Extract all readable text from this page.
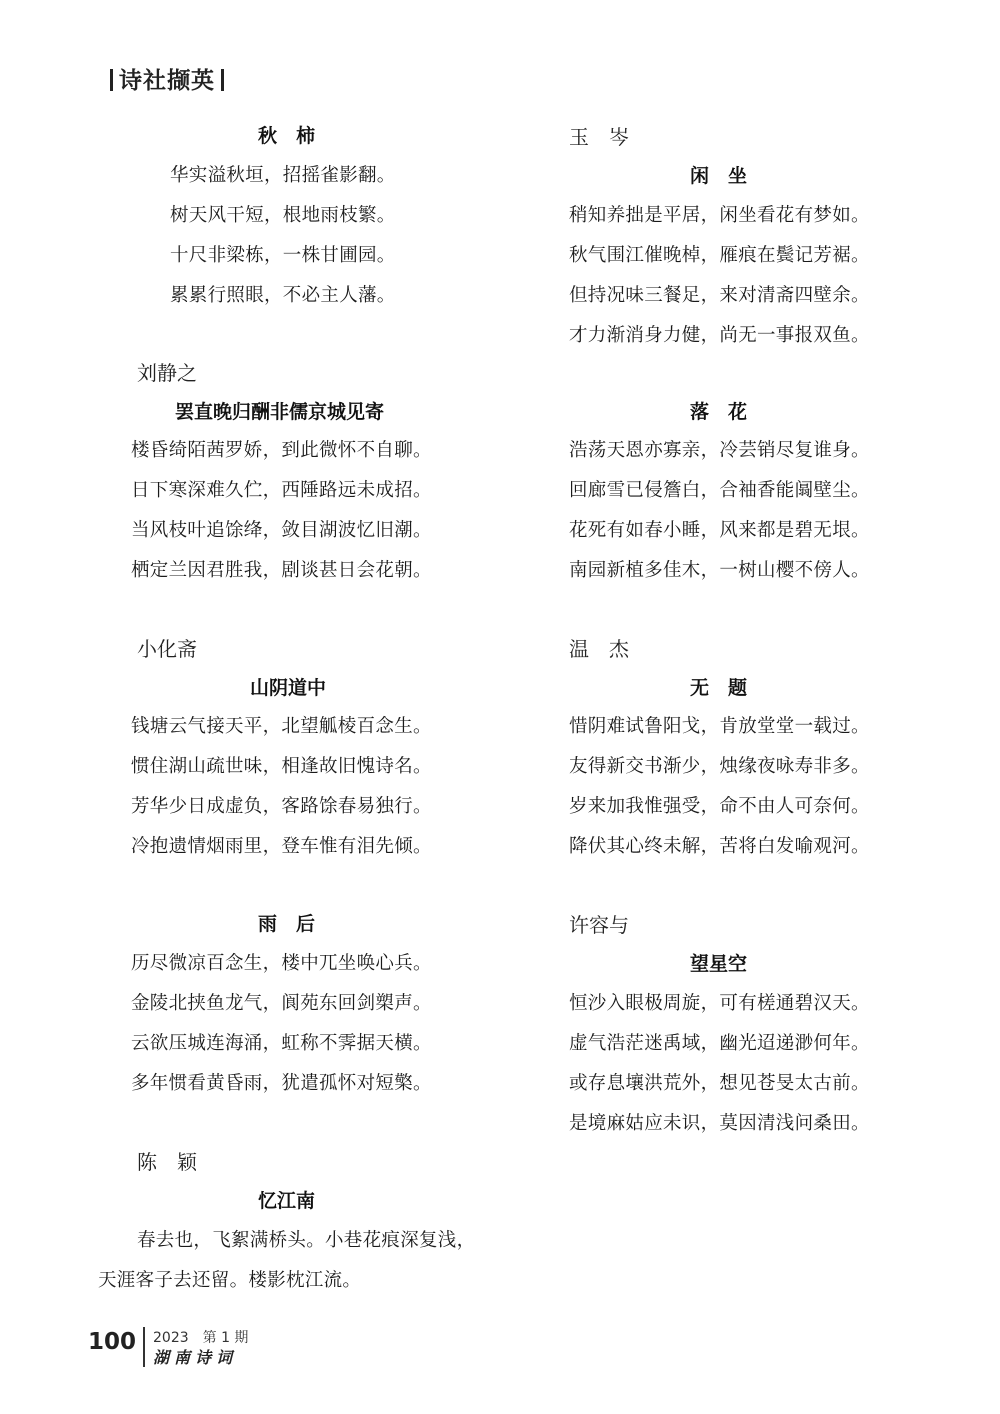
诗社撷英
秋　柿
华实溢秋垣，招摇雀影翻。
树天风干短，根地雨枝繁。
十尺非梁栋，一株甘圃园。
累累行照眼，不必主人藩。
刘静之
罢直晚归酬非儒京城见寄
楼昏绮陌茜罗娇，到此微怀不自聊。
日下寒深难久伫，西陲路远未成招。
当风枝叶追馀绛，敛目湖波忆旧潮。
栖定兰因君胜我，剧谈甚日会花朝。
小化斋
山阴道中
钱塘云气接天平，北望觚棱百念生。
惯住湖山疏世味，相逢故旧愧诗名。
芳华少日成虚负，客路馀春易独行。
冷抱遗情烟雨里，登车惟有泪先倾。
雨　后
历尽微凉百念生，楼中兀坐唤心兵。
金陵北挟鱼龙气，阆苑东回剑槊声。
云欲压城连海涌，虹称不霁据天横。
多年惯看黄昏雨，犹遣孤怀对短檠。
陈　颖
忆江南
春去也，飞絮满桥头。小巷花痕深复浅，
天涯客子去还留。楼影枕江流。
玉　岑
闲　坐
稍知养拙是平居，闲坐看花有梦如。
秋气围江催晚棹，雁痕在鬓记芳裾。
但持况味三餐足，来对清斋四壁余。
才力渐消身力健，尚无一事报双鱼。
落　花
浩荡天恩亦寡亲，冷芸销尽复谁身。
回廊雪已侵簷白，合袖香能阘壁尘。
花死有如春小睡，风来都是碧无垠。
南园新植多佳木，一树山樱不傍人。
温　杰
无　题
惜阴难试鲁阳戈，肯放堂堂一载过。
友得新交书渐少，烛缘夜咏寿非多。
岁来加我惟强受，命不由人可奈何。
降伏其心终未解，苦将白发喻观河。
许容与
望星空
恒沙入眼极周旋，可有槎通碧汉天。
虚气浩茫迷禹域，幽光迢递渺何年。
或存息壤洪荒外，想见苍旻太古前。
是境麻姑应未识，莫因清浅问桑田。
100 2023　第 1 期
湖南诗词
